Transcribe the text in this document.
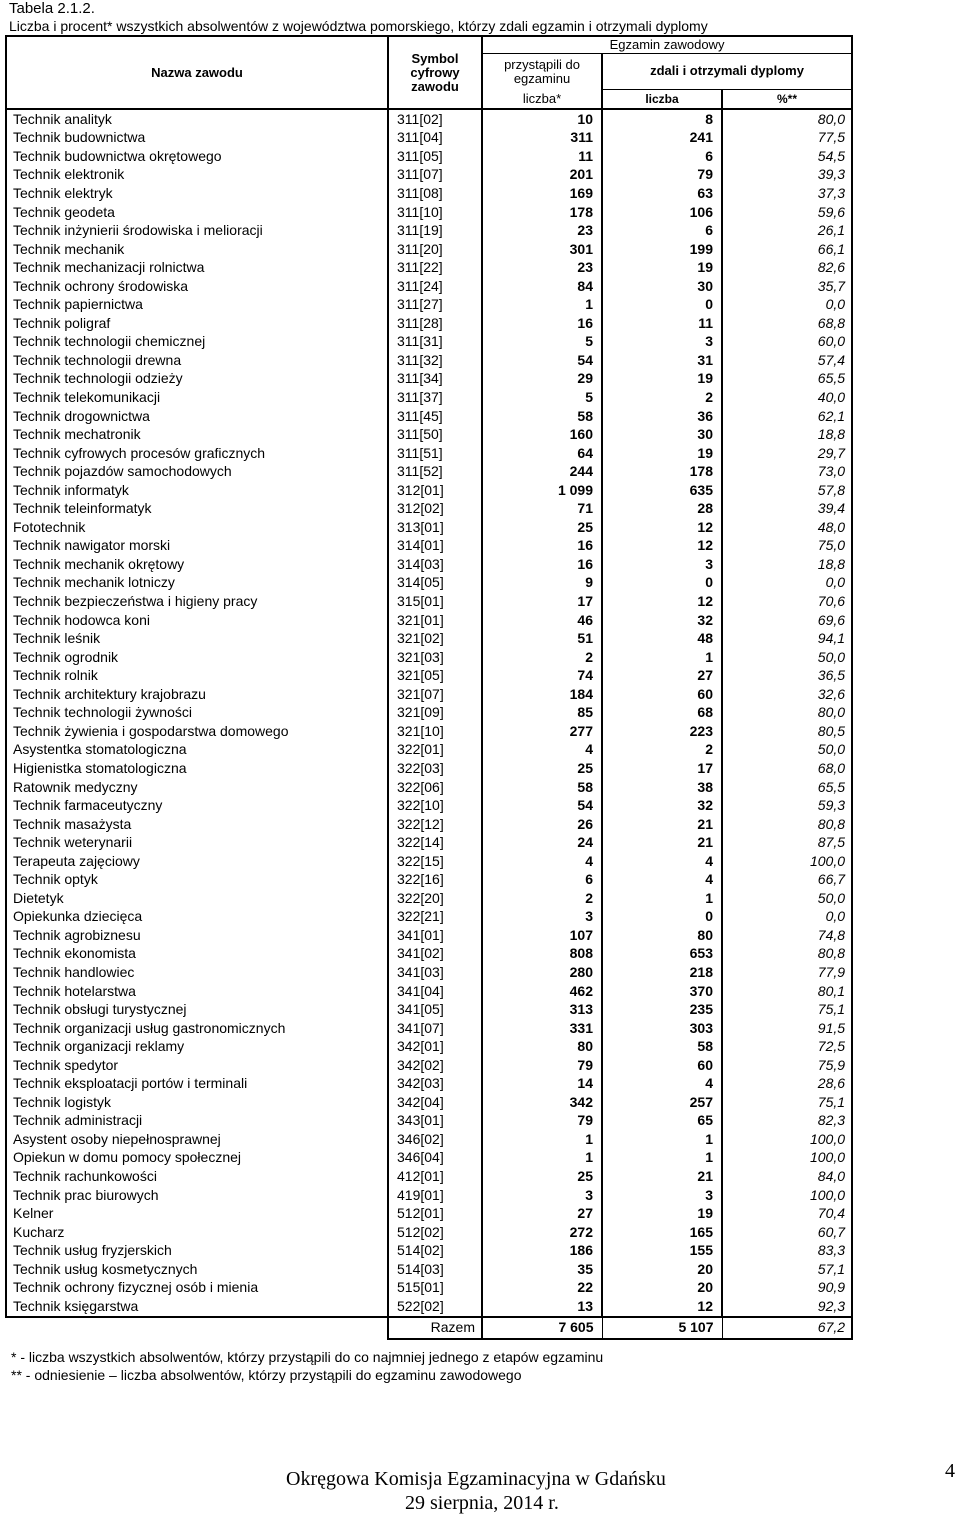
Tabela 2.1.2.
Liczba i procent* wszystkich absolwentów z województwa pomorskiego, którzy zdali egzamin i otrzymali dyplomy
Nazwa zawodu	Symbol cyfrowy zawodu	Egzamin zawodowy		
		przystąpili do egzaminu	zdali i otrzymali dyplomy	
		liczba*	liczba	%**
Technik analityk	311[02]	10	8	80,0
Technik budownictwa	311[04]	311	241	77,5
Technik budownictwa okrętowego	311[05]	11	6	54,5
Technik elektronik	311[07]	201	79	39,3
Technik elektryk	311[08]	169	63	37,3
Technik geodeta	311[10]	178	106	59,6
Technik inżynierii środowiska i melioracji	311[19]	23	6	26,1
Technik mechanik	311[20]	301	199	66,1
Technik mechanizacji rolnictwa	311[22]	23	19	82,6
Technik ochrony środowiska	311[24]	84	30	35,7
Technik papiernictwa	311[27]	1	0	0,0
Technik poligraf	311[28]	16	11	68,8
Technik technologii chemicznej	311[31]	5	3	60,0
Technik technologii drewna	311[32]	54	31	57,4
Technik technologii odzieży	311[34]	29	19	65,5
Technik telekomunikacji	311[37]	5	2	40,0
Technik drogownictwa	311[45]	58	36	62,1
Technik mechatronik	311[50]	160	30	18,8
Technik cyfrowych procesów graficznych	311[51]	64	19	29,7
Technik pojazdów samochodowych	311[52]	244	178	73,0
Technik informatyk	312[01]	1 099	635	57,8
Technik teleinformatyk	312[02]	71	28	39,4
Fototechnik	313[01]	25	12	48,0
Technik nawigator morski	314[01]	16	12	75,0
Technik mechanik okrętowy	314[03]	16	3	18,8
Technik mechanik lotniczy	314[05]	9	0	0,0
Technik bezpieczeństwa i higieny pracy	315[01]	17	12	70,6
Technik hodowca koni	321[01]	46	32	69,6
Technik leśnik	321[02]	51	48	94,1
Technik ogrodnik	321[03]	2	1	50,0
Technik rolnik	321[05]	74	27	36,5
Technik architektury krajobrazu	321[07]	184	60	32,6
Technik technologii żywności	321[09]	85	68	80,0
Technik żywienia i gospodarstwa domowego	321[10]	277	223	80,5
Asystentka stomatologiczna	322[01]	4	2	50,0
Higienistka stomatologiczna	322[03]	25	17	68,0
Ratownik medyczny	322[06]	58	38	65,5
Technik farmaceutyczny	322[10]	54	32	59,3
Technik masażysta	322[12]	26	21	80,8
Technik weterynarii	322[14]	24	21	87,5
Terapeuta zajęciowy	322[15]	4	4	100,0
Technik optyk	322[16]	6	4	66,7
Dietetyk	322[20]	2	1	50,0
Opiekunka dziecięca	322[21]	3	0	0,0
Technik agrobiznesu	341[01]	107	80	74,8
Technik ekonomista	341[02]	808	653	80,8
Technik handlowiec	341[03]	280	218	77,9
Technik hotelarstwa	341[04]	462	370	80,1
Technik obsługi turystycznej	341[05]	313	235	75,1
Technik organizacji usług gastronomicznych	341[07]	331	303	91,5
Technik organizacji reklamy	342[01]	80	58	72,5
Technik spedytor	342[02]	79	60	75,9
Technik eksploatacji portów i terminali	342[03]	14	4	28,6
Technik logistyk	342[04]	342	257	75,1
Technik administracji	343[01]	79	65	82,3
Asystent osoby niepełnosprawnej	346[02]	1	1	100,0
Opiekun w domu pomocy społecznej	346[04]	1	1	100,0
Technik rachunkowości	412[01]	25	21	84,0
Technik prac biurowych	419[01]	3	3	100,0
Kelner	512[01]	27	19	70,4
Kucharz	512[02]	272	165	60,7
Technik usług fryzjerskich	514[02]	186	155	83,3
Technik usług kosmetycznych	514[03]	35	20	57,1
Technik ochrony fizycznej osób i mienia	515[01]	22	20	90,9
Technik księgarstwa	522[02]	13	12	92,3
	Razem	7 605	5 107	67,2
* - liczba wszystkich absolwentów, którzy przystąpili do co najmniej jednego z etapów egzaminu
** - odniesienie – liczba absolwentów, którzy przystąpili do egzaminu zawodowego
Okręgowa Komisja Egzaminacyjna w Gdańsku
29 sierpnia, 2014 r.
4
